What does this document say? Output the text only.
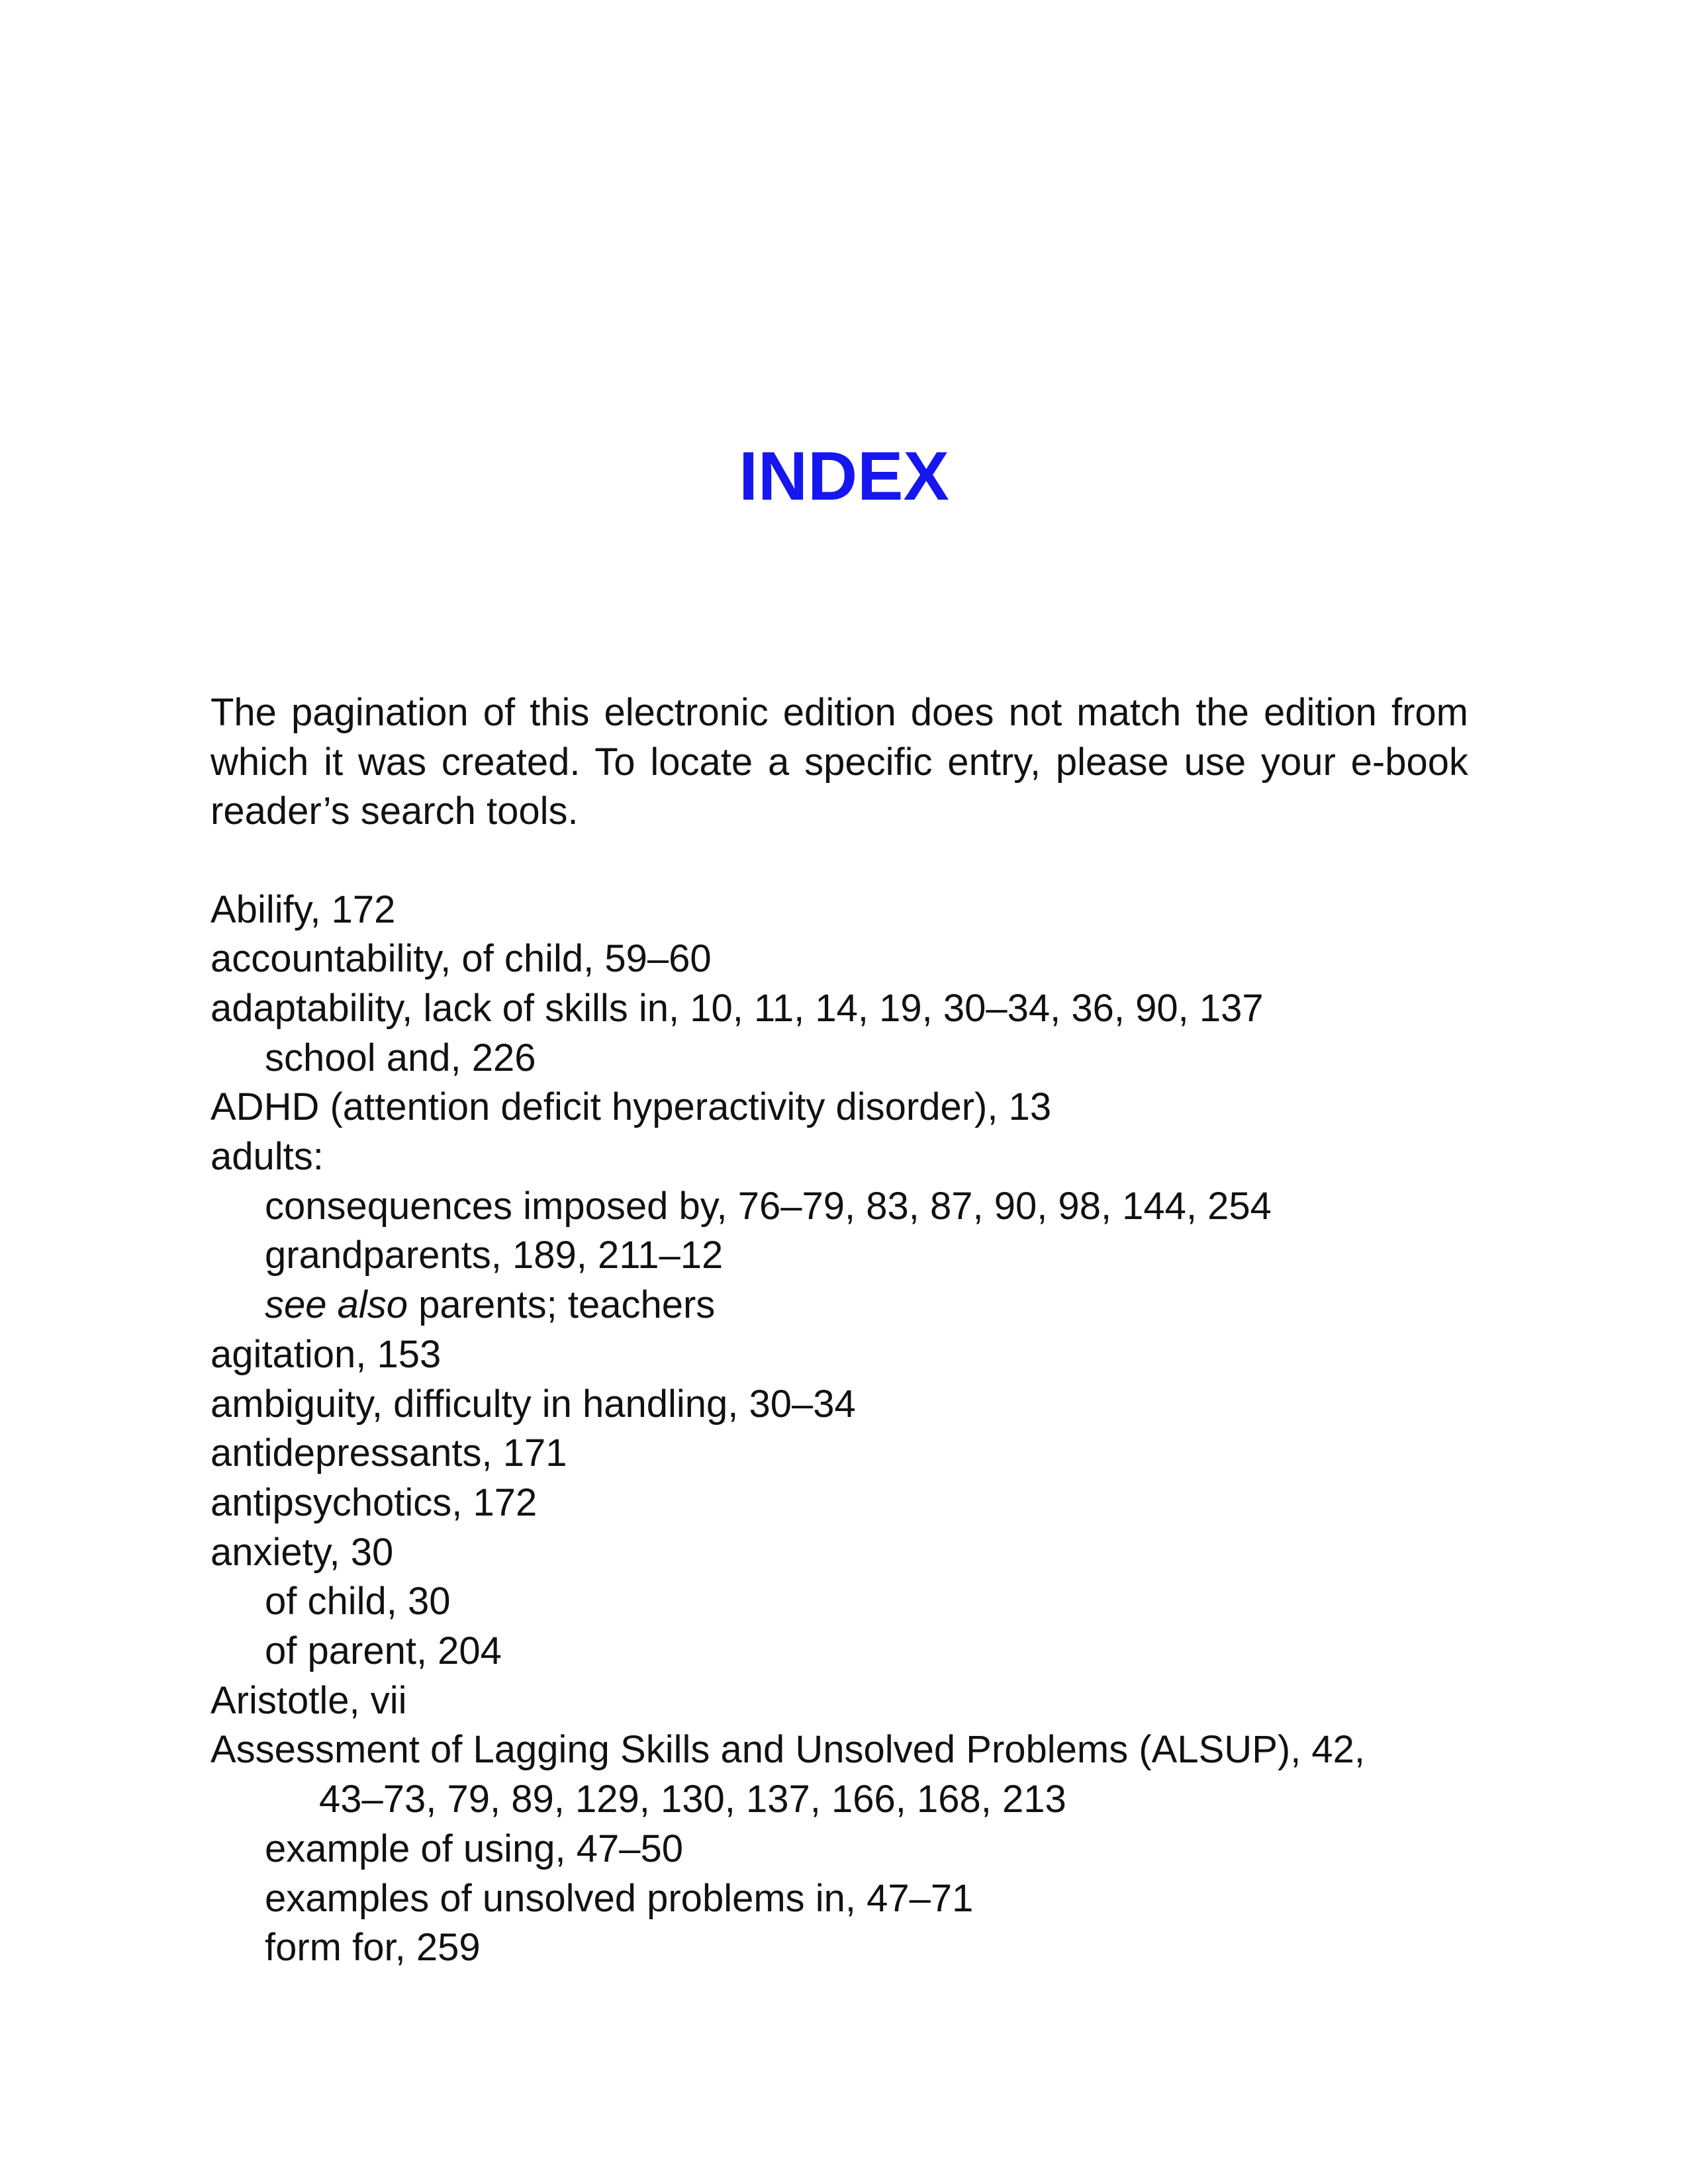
INDEX

The pagination of this electronic edition does not match the edition from which it was created. To locate a specific entry, please use your e-book reader’s search tools.

Abilify, 172
accountability, of child, 59–60
adaptability, lack of skills in, 10, 11, 14, 19, 30–34, 36, 90, 137
school and, 226
ADHD (attention deficit hyperactivity disorder), 13
adults:
consequences imposed by, 76–79, 83, 87, 90, 98, 144, 254
grandparents, 189, 211–12
see also parents; teachers
agitation, 153
ambiguity, difficulty in handling, 30–34
antidepressants, 171
antipsychotics, 172
anxiety, 30
of child, 30
of parent, 204
Aristotle, vii
Assessment of Lagging Skills and Unsolved Problems (ALSUP), 42,
43–73, 79, 89, 129, 130, 137, 166, 168, 213
example of using, 47–50
examples of unsolved problems in, 47–71
form for, 259
